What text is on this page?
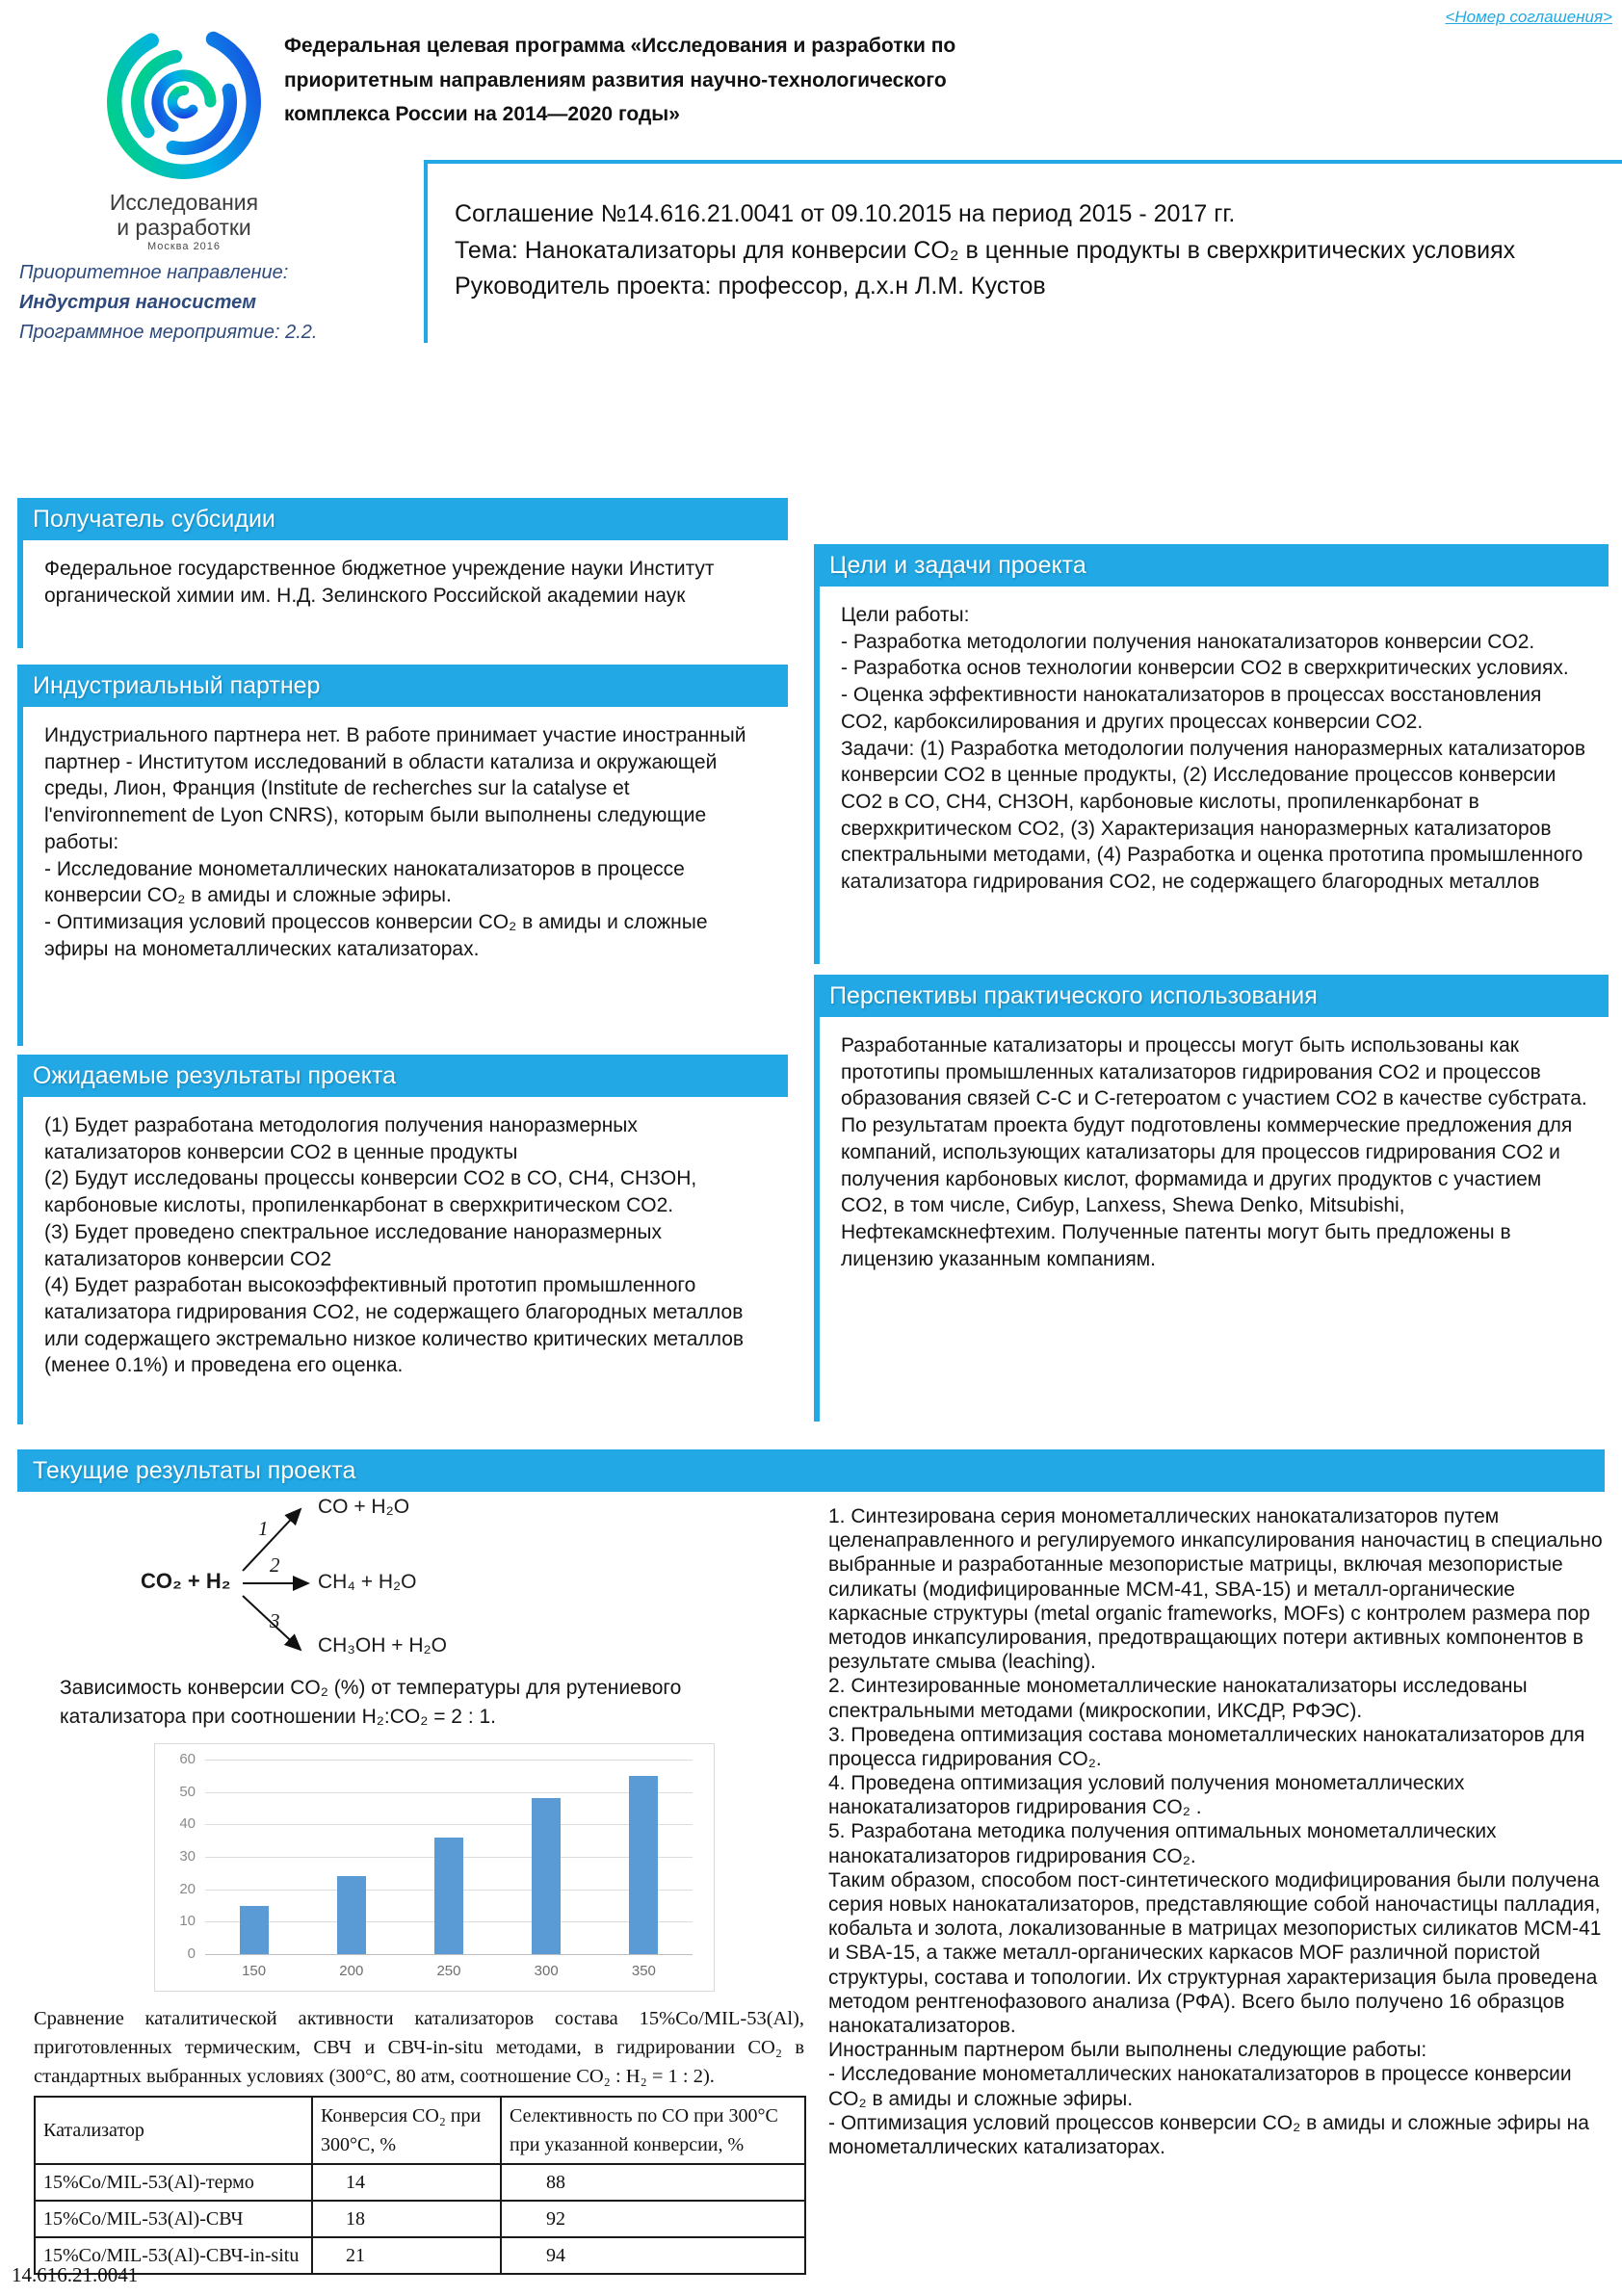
<Номер соглашения>
Исследования
и разработки
Москва 2016
Приоритетное направление:
Индустрия наносистем
Программное мероприятие: 2.2.
Федеральная целевая программа «Исследования и разработки по приоритетным направлениям развития научно-технологического комплекса России на 2014—2020 годы»
Соглашение №14.616.21.0041 от 09.10.2015 на период 2015 - 2017 гг.
Тема: Нанокатализаторы для конверсии CO₂ в ценные продукты в сверхкритических условиях
Руководитель проекта: профессор, д.х.н Л.М. Кустов
Получатель субсидии
Федеральное государственное бюджетное учреждение науки Институт органической химии им. Н.Д. Зелинского Российской академии наук
Индустриальный партнер
Индустриального партнера нет. В работе принимает участие иностранный партнер - Институтом исследований в области катализа и окружающей среды, Лион, Франция (Institute de recherches sur la catalyse et l'environnement de Lyon CNRS), которым были выполнены следующие работы:
- Исследование монометаллических нанокатализаторов в процессе конверсии CO₂ в амиды и сложные эфиры.
- Оптимизация условий процессов конверсии CO₂ в амиды и сложные эфиры на монометаллических катализаторах.
Ожидаемые результаты проекта
(1) Будет разработана методология получения наноразмерных катализаторов конверсии CO2 в ценные продукты
(2) Будут исследованы процессы конверсии CO2 в CO, CH4, CH3OH, карбоновые кислоты, пропиленкарбонат в сверхкритическом CO2.
(3) Будет проведено спектральное исследование наноразмерных катализаторов конверсии CO2
(4) Будет разработан высокоэффективный прототип промышленного катализатора гидрирования CO2, не содержащего благородных металлов или содержащего экстремально низкое количество критических металлов (менее 0.1%) и проведена его оценка.
Цели и задачи проекта
Цели работы:
- Разработка методологии получения нанокатализаторов конверсии CO2.
- Разработка основ технологии конверсии CO2 в сверхкритических условиях.
- Оценка эффективности нанокатализаторов в процессах восстановления CO2, карбоксилирования и других процессах конверсии CO2.
Задачи: (1) Разработка методологии получения наноразмерных катализаторов конверсии CO2 в ценные продукты, (2) Исследование процессов конверсии CO2 в CO, CH4, CH3OH, карбоновые кислоты, пропиленкарбонат в сверхкритическом CO2, (3) Характеризация наноразмерных катализаторов спектральными методами, (4) Разработка и оценка прототипа промышленного катализатора гидрирования CO2, не содержащего благородных металлов
Перспективы практического использования
Разработанные катализаторы и процессы могут быть использованы как прототипы промышленных катализаторов гидрирования CO2 и процессов образования связей C-C и C-гетероатом с участием CO2 в качестве субстрата. По результатам проекта будут подготовлены коммерческие предложения для компаний, использующих катализаторы для процессов гидрирования CO2 и получения карбоновых кислот, формамида и других продуктов с участием CO2, в том числе, Сибур, Lanxess, Shewa Denko, Mitsubishi, Нефтекамскнефтехим. Полученные патенты могут быть предложены в лицензию указанным компаниям.
Текущие результаты проекта
CO₂ + H₂
1
2
3
CO + H₂O
CH₄ + H₂O
CH₃OH + H₂O
Зависимость конверсии CO₂ (%) от температуры для рутениевого катализатора при соотношении H₂:CO₂ = 2 : 1.
0
10
20
30
40
50
60
150	200	250	300	350
Сравнение каталитической активности катализаторов состава 15%Co/MIL-53(Al), приготовленных термическим, СВЧ и СВЧ-in-situ методами, в гидрировании CO₂ в стандартных выбранных условиях (300°С, 80 атм, соотношение CO₂ : H₂ = 1 : 2).
Катализатор	Конверсия CO₂ при 300°С, %	Селективность по CO при 300°С при указанной конверсии, %
15%Co/MIL-53(Al)-термо	14	88
15%Co/MIL-53(Al)-СВЧ	18	92
15%Co/MIL-53(Al)-СВЧ-in-situ	21	94
1. Синтезирована серия монометаллических нанокатализаторов путем целенаправленного и регулируемого инкапсулирования наночастиц в специально выбранные и разработанные мезопористые матрицы, включая мезопористые силикаты (модифицированные MCM-41, SBA-15) и металл-органические каркасные структуры (metal organic frameworks, MOFs) с контролем размера пор методов инкапсулирования, предотвращающих потери активных компонентов в результате смыва (leaching).
2. Синтезированные монометаллические нанокатализаторы исследованы спектральными методами (микроскопии, ИКСДР, РФЭС).
3. Проведена оптимизация состава монометаллических нанокатализаторов для процесса гидрирования CO₂.
4. Проведена оптимизация условий получения монометаллических нанокатализаторов гидрирования CO₂ .
5. Разработана методика получения оптимальных монометаллических нанокатализаторов гидрирования CO₂.
Таким образом, способом пост-синтетического модифицирования были получена серия новых нанокатализаторов, представляющие собой наночастицы палладия, кобальта и золота, локализованные в матрицах мезопористых силикатов MCM-41 и SBA-15, а также металл-органических каркасов MOF различной пористой структуры, состава и топологии. Их структурная характеризация была проведена методом рентгенофазового анализа (РФА). Всего было получено 16 образцов нанокатализаторов.
Иностранным партнером были выполнены следующие работы:
- Исследование монометаллических нанокатализаторов в процессе конверсии CO₂ в амиды и сложные эфиры.
- Оптимизация условий процессов конверсии CO₂ в амиды и сложные эфиры на монометаллических катализаторах.
14.616.21.0041
